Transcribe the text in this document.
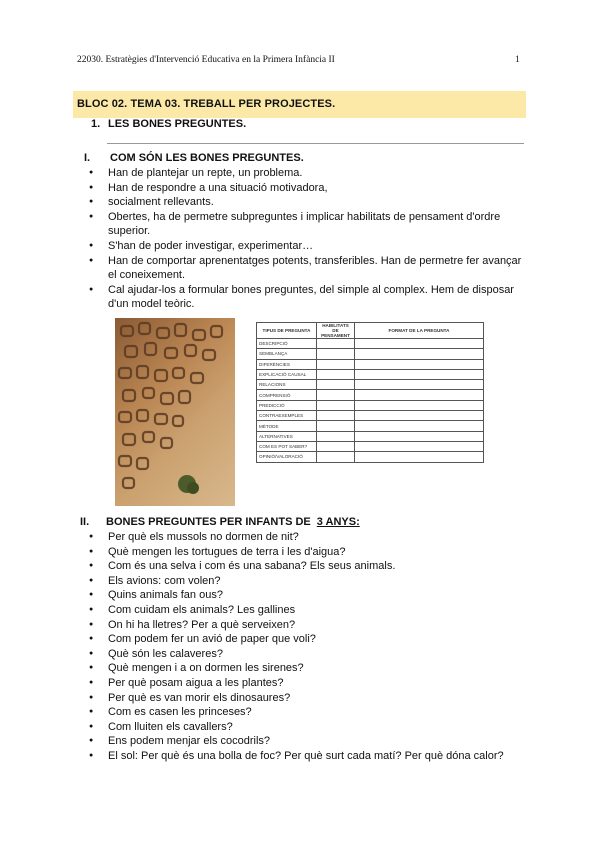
22030. Estratègies d'Intervenció Educativa en la Primera Infància II	1
BLOC 02. TEMA 03. TREBALL PER PROJECTES.
1. LES BONES PREGUNTES.
I. COM SÓN LES BONES PREGUNTES.
● Han de plantejar un repte, un problema.
● Han de respondre a una situació motivadora,
● socialment rellevants.
● Obertes, ha de permetre subpreguntes i implicar habilitats de pensament d'ordre superior.
● S'han de poder investigar, experimentar…
● Han de comportar aprenentatges potents, transferibles. Han de permetre fer avançar el coneixement.
● Cal ajudar-los a formular bones preguntes, del simple al complex. Hem de disposar d'un model teòric.
TIPUS DE PREGUNTA	HABILITATS DE PENSAMENT	FORMAT DE LA PREGUNTA
DESCRIPCIÓ		
SEMBLANÇA		
DIFERÈNCIES		
EXPLICACIÓ CAUSAL		
RELACIONS		
COMPRENSIÓ		
PREDICCIÓ		
CONTRAEXEMPLES		
MÈTODE		
ALTERNATIVES		
COM ES POT SABER?		
OPINIÓ/VALORACIÓ		
II. BONES PREGUNTES PER INFANTS DE 3 ANYS:
● Per què els mussols no dormen de nit?
● Què mengen les tortugues de terra i les d'aigua?
● Com és una selva i com és una sabana? Els seus animals.
● Els avions: com volen?
● Quins animals fan ous?
● Com cuidam els animals? Les gallines
● On hi ha lletres? Per a què serveixen?
● Com podem fer un avió de paper que voli?
● Què són les calaveres?
● Què mengen i a on dormen les sirenes?
● Per què posam aigua a les plantes?
● Per què es van morir els dinosaures?
● Com es casen les princeses?
● Com lluiten els cavallers?
● Ens podem menjar els cocodrils?
● El sol: Per què és una bolla de foc? Per què surt cada matí? Per què dóna calor?
